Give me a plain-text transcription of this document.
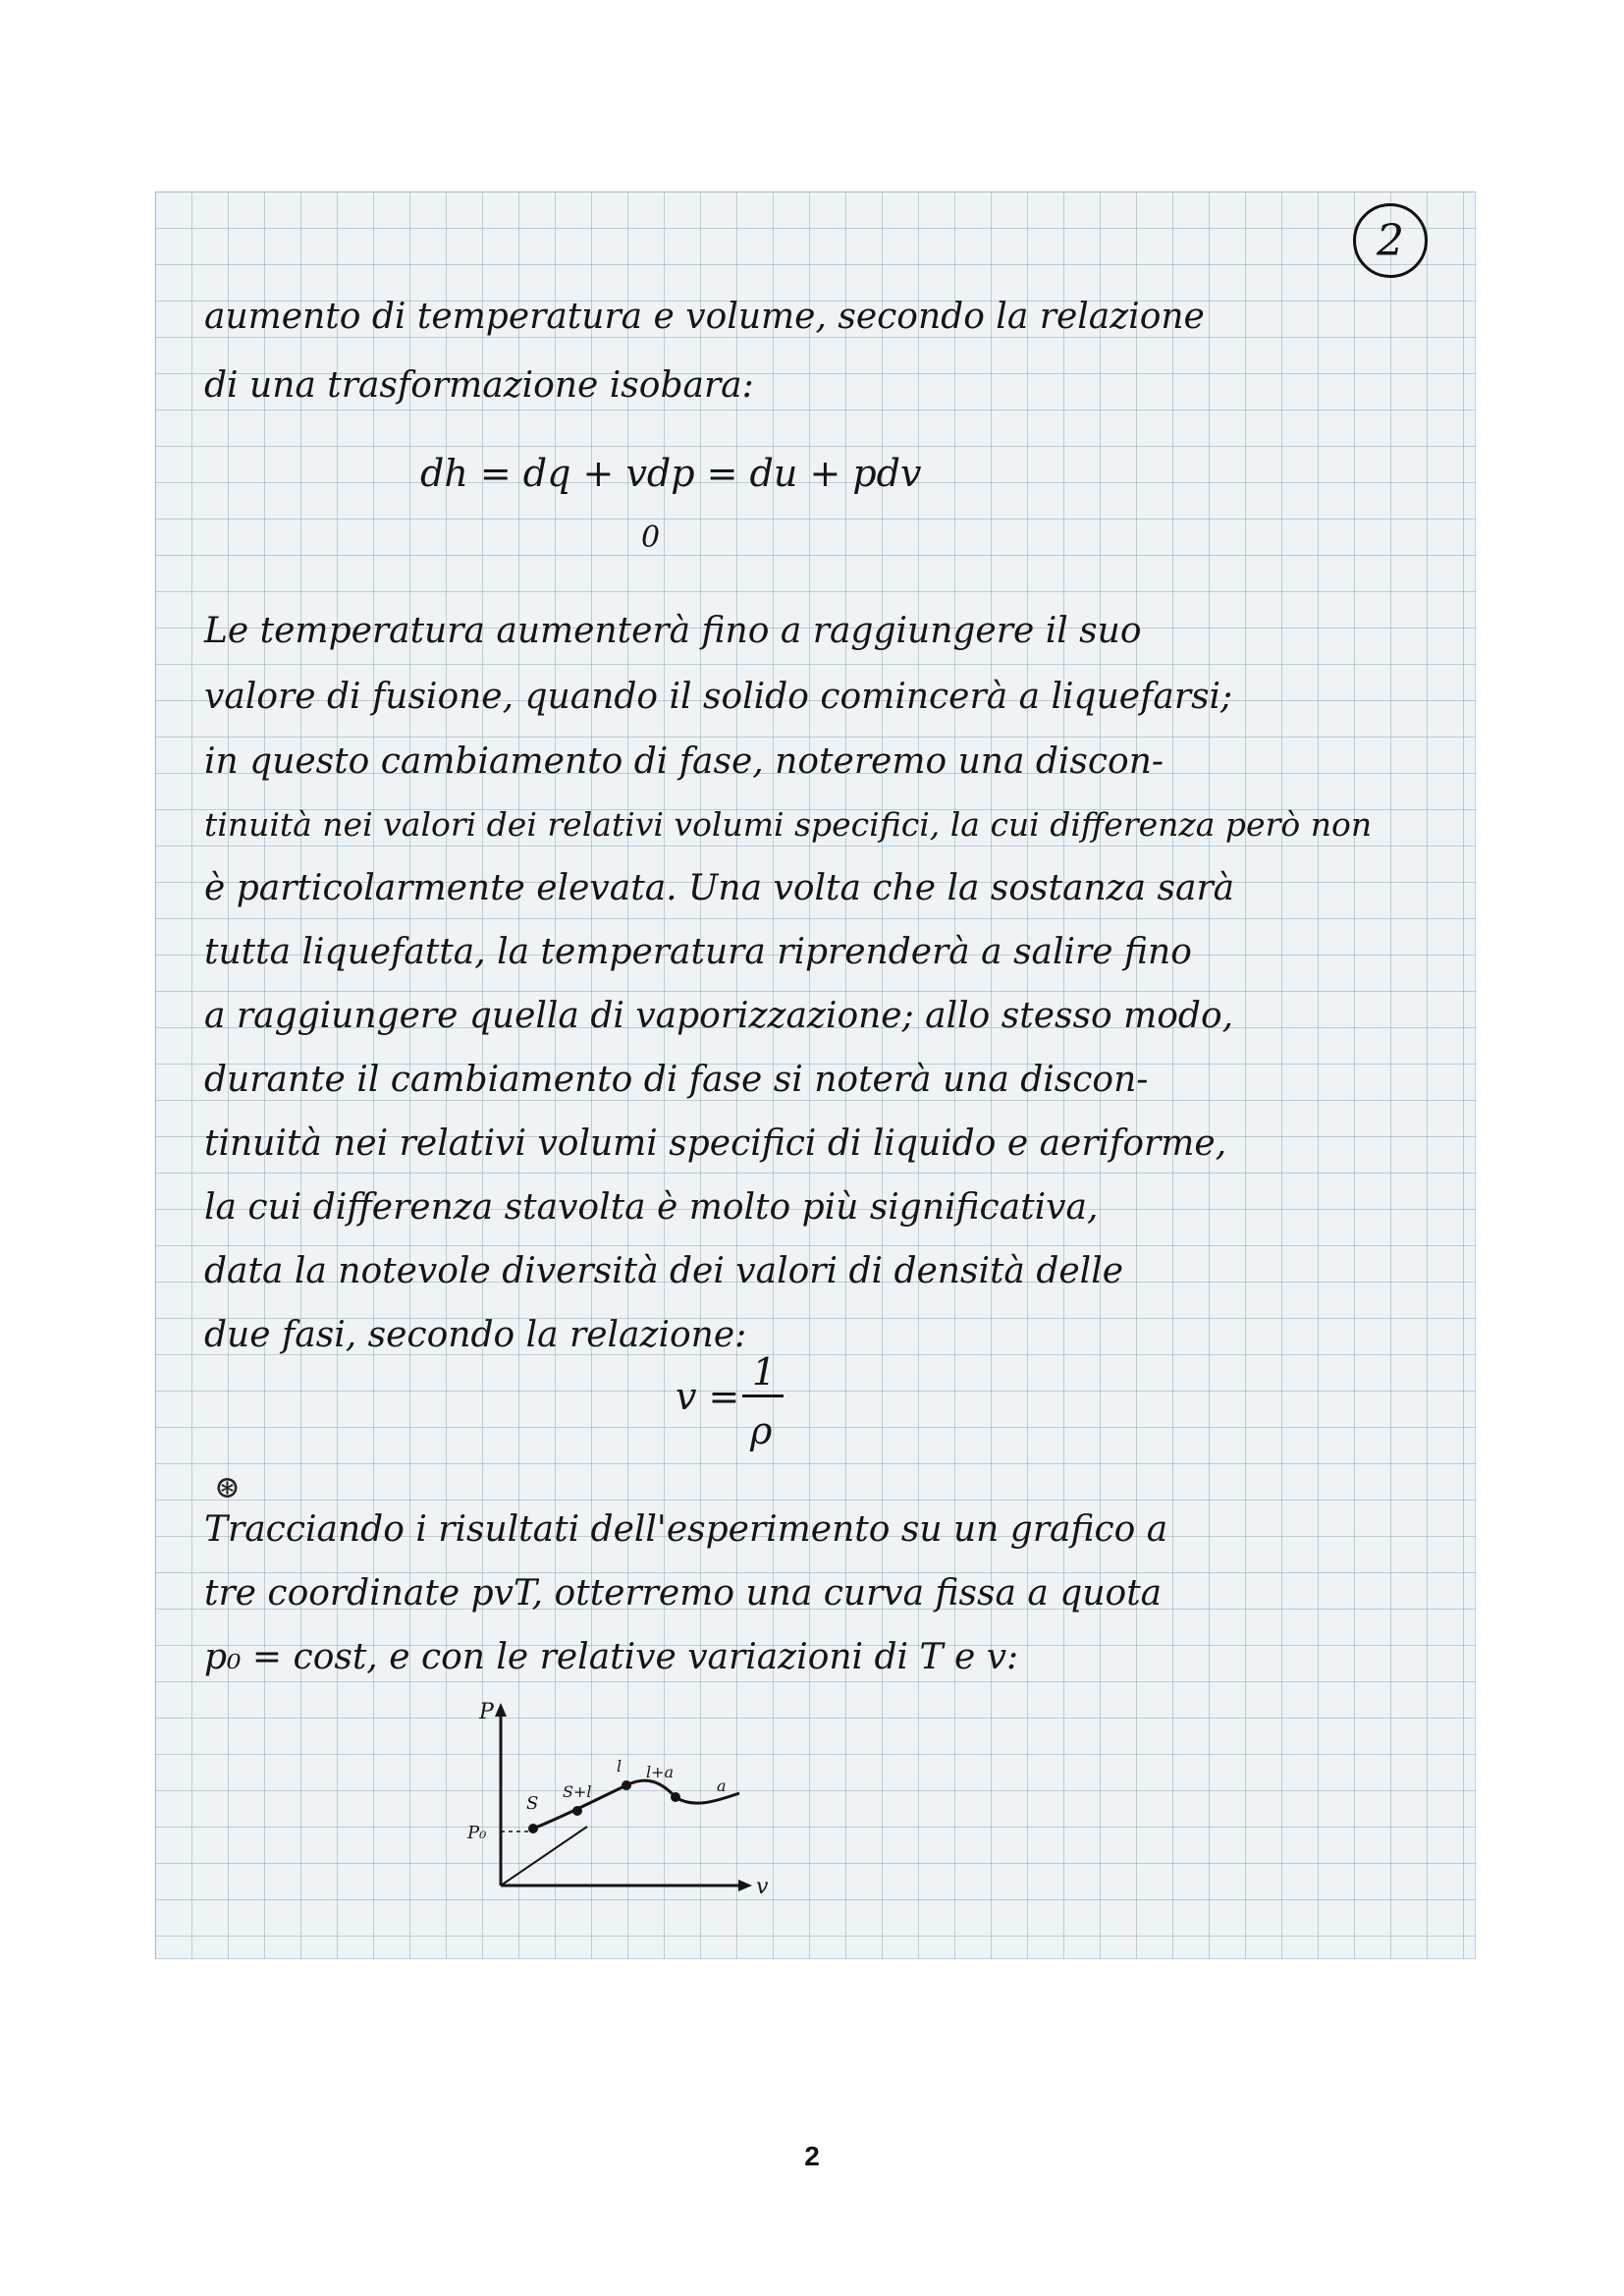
2
aumento di temperatura e volume, secondo la relazione
di una trasformazione isobara:
dh = dq + vdp = du + pdv
0
Le temperatura aumenterà fino a raggiungere il suo
valore di fusione, quando il solido comincerà a liquefarsi;
in questo cambiamento di fase, noteremo una discon-
tinuità nei valori dei relativi volumi specifici, la cui differenza però non
è particolarmente elevata. Una volta che la sostanza sarà
tutta liquefatta, la temperatura riprenderà a salire fino
a raggiungere quella di vaporizzazione; allo stesso modo,
durante il cambiamento di fase si noterà una discon-
tinuità nei relativi volumi specifici di liquido e aeriforme,
la cui differenza stavolta è molto più significativa,
data la notevole diversità dei valori di densità delle
due fasi, secondo la relazione:
v =
1
ρ
⊛
Tracciando i risultati dell'esperimento su un grafico a
tre coordinate pvT, otterremo una curva fissa a quota
p₀ = cost, e con le relative variazioni di T e v:
P
v
P₀
S
S+l
l l+a
a
2
